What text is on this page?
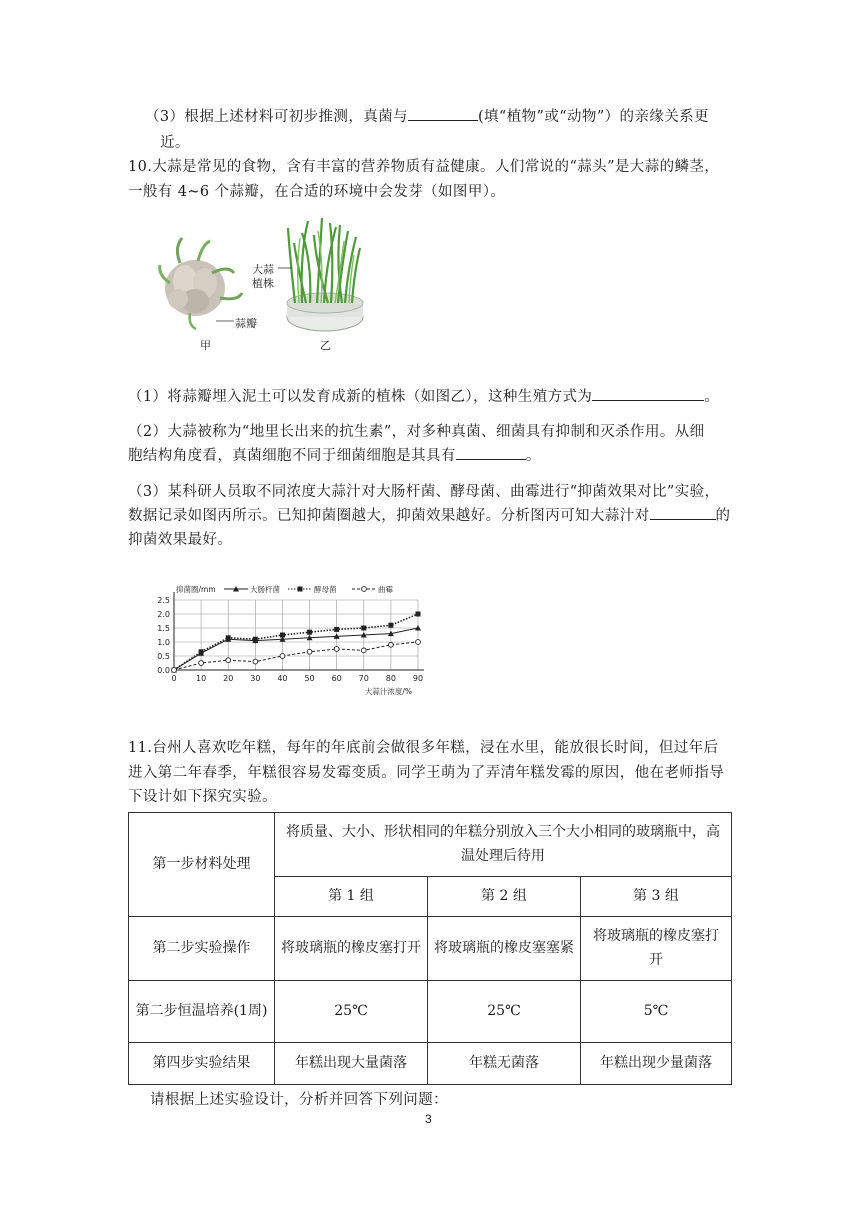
（3）根据上述材料可初步推测，真菌与	(填“植物”或“动物”）的亲缘关系更
近。
10.大蒜是常见的食物，含有丰富的营养物质有益健康。人们常说的“蒜头”是大蒜的鳞茎，
一般有 4~6 个蒜瓣，在合适的环境中会发芽（如图甲）。
蒜瓣
大蒜
植株
甲	乙
（1）将蒜瓣埋入泥土可以发育成新的植株（如图乙），这种生殖方式为	。
（2）大蒜被称为“地里长出来的抗生素”，对多种真菌、细菌具有抑制和灭杀作用。从细
胞结构角度看，真菌细胞不同于细菌细胞是其具有	。
（3）某科研人员取不同浓度大蒜汁对大肠杆菌、酵母菌、曲霉进行“抑菌效果对比”实验，
数据记录如图丙所示。已知抑菌圈越大，抑菌效果越好。分析图丙可知大蒜汁对	的
抑菌效果最好。
0 10 20 30 40 50 60 70 80 90
0.0
0.5
1.0
1.5
2.0
2.5
抑菌圈/mm
大蒜汁浓度/%
大肠杆菌	酵母菌	曲霉
11.台州人喜欢吃年糕，每年的年底前会做很多年糕，浸在水里，能放很长时间，但过年后
进入第二年春季，年糕很容易发霉变质。同学王萌为了弄清年糕发霉的原因，他在老师指导
下设计如下探究实验。
第一步材料处理	将质量、大小、形状相同的年糕分别放入三个大小相同的玻璃瓶中，高温处理后待用		
	第 1 组	第 2 组	第 3 组
第二步实验操作	将玻璃瓶的橡皮塞打开	将玻璃瓶的橡皮塞塞紧	将玻璃瓶的橡皮塞打开
第二步恒温培养(1周)	25℃	25℃	5℃
第四步实验结果	年糕出现大量菌落	年糕无菌落	年糕出现少量菌落
请根据上述实验设计，分析并回答下列问题：
3
